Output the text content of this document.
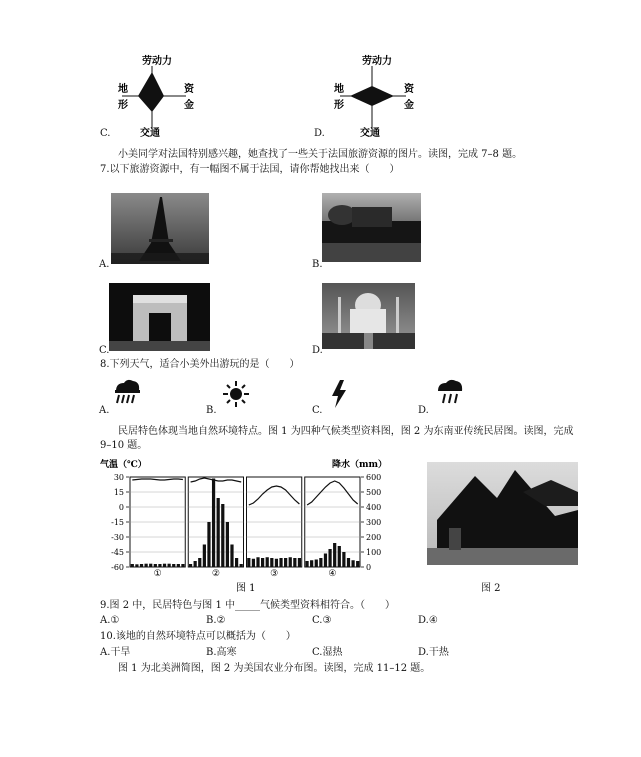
C.
劳动力
地
形
资
金
交通	D.
劳动力
地
形
资
金
交通
小美同学对法国特别感兴趣，她查找了一些关于法国旅游资源的图片。读图，完成 7–8 题。
7.以下旅游资源中，有一幅图不属于法国，请你帮她找出来（　　）
A.	B.
C.	D.
8.下列天气，适合小美外出游玩的是（　　）
A.	B.	C.	D.
民居特色体现当地自然环境特点。图 1 为四种气候类型资料图，图 2 为东南亚传统民居图。读图，完成
9–10 题。
气温（℃）	降水（mm）
30
15
0
-15
-30
-45
-60
600
500
400
300
200
100
0
①	②	③	④
图 1	图 2
9.图 2 中，民居特色与图 1 中_____气候类型资料相符合。（　　）
A.①	B.②	C.③	D.④
10.该地的自然环境特点可以概括为（　　）
A.干旱	B.高寒	C.湿热	D.干热
图 1 为北美洲简图，图 2 为美国农业分布图。读图，完成 11–12 题。
